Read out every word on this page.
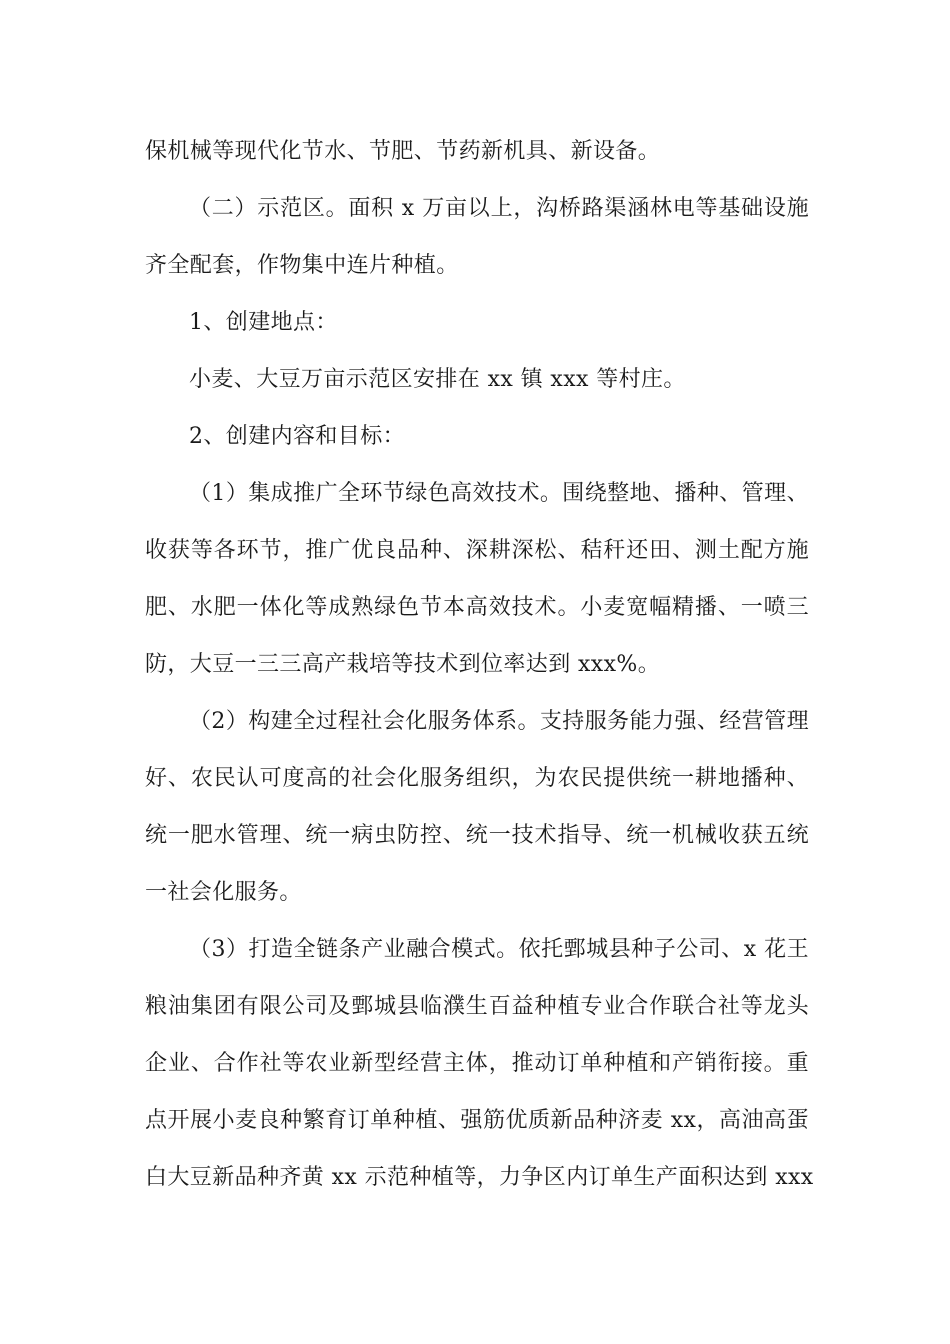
保机械等现代化节水、节肥、节药新机具、新设备。
（二）示范区。面积 x 万亩以上，沟桥路渠涵林电等基础设施
齐全配套，作物集中连片种植。
1、创建地点：
小麦、大豆万亩示范区安排在 xx 镇 xxx 等村庄。
2、创建内容和目标：
（1）集成推广全环节绿色高效技术。围绕整地、播种、管理、
收获等各环节，推广优良品种、深耕深松、秸秆还田、测土配方施
肥、水肥一体化等成熟绿色节本高效技术。小麦宽幅精播、一喷三
防，大豆一三三高产栽培等技术到位率达到 xxx%。
（2）构建全过程社会化服务体系。支持服务能力强、经营管理
好、农民认可度高的社会化服务组织，为农民提供统一耕地播种、
统一肥水管理、统一病虫防控、统一技术指导、统一机械收获五统
一社会化服务。
（3）打造全链条产业融合模式。依托鄄城县种子公司、x 花王
粮油集团有限公司及鄄城县临濮生百益种植专业合作联合社等龙头
企业、合作社等农业新型经营主体，推动订单种植和产销衔接。重
点开展小麦良种繁育订单种植、强筋优质新品种济麦 xx，高油高蛋
白大豆新品种齐黄 xx 示范种植等，力争区内订单生产面积达到 xxx
